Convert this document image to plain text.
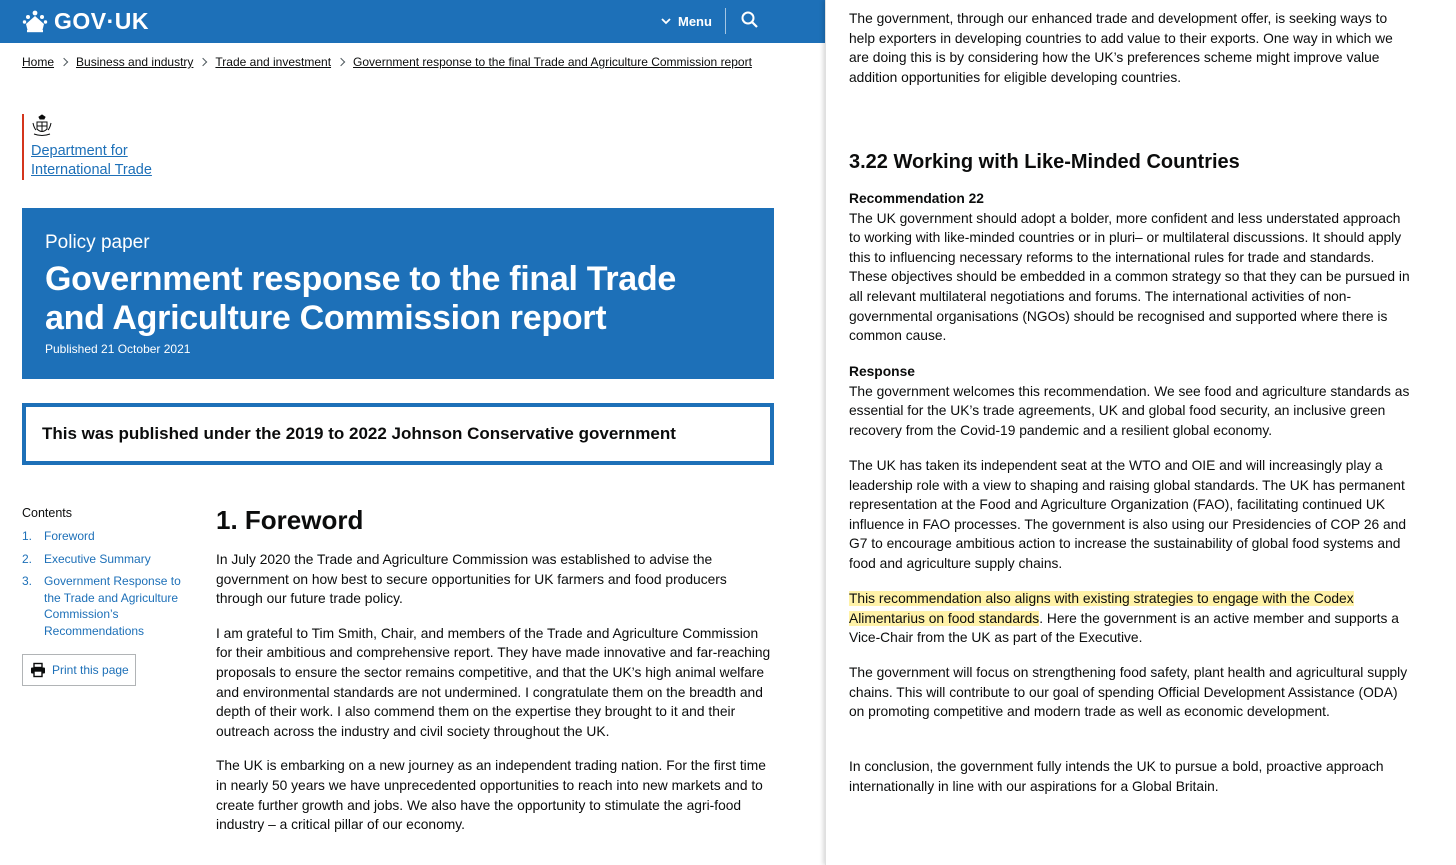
GOV·UK	Menu
Home Business and industry Trade and investment Government response to the final Trade and Agriculture Commission report
Department for
International Trade
Policy paper
Government response to the final Trade
and Agriculture Commission report
Published 21 October 2021
This was published under the 2019 to 2022 Johnson Conservative government
Contents
1. Foreword
2. Executive Summary
3. Government Response to the Trade and Agriculture Commission’s Recommendations
Print this page
1. Foreword

In July 2020 the Trade and Agriculture Commission was established to advise the government on how best to secure opportunities for UK farmers and food producers through our future trade policy.

I am grateful to Tim Smith, Chair, and members of the Trade and Agriculture Commission for their ambitious and comprehensive report. They have made innovative and far-reaching proposals to ensure the sector remains competitive, and that the UK’s high animal welfare and environmental standards are not undermined. I congratulate them on the breadth and depth of their work. I also commend them on the expertise they brought to it and their outreach across the industry and civil society throughout the UK.

The UK is embarking on a new journey as an independent trading nation. For the first time in nearly 50 years we have unprecedented opportunities to reach into new markets and to create further growth and jobs. We also have the opportunity to stimulate the agri-food industry – a critical pillar of our economy.

The government, through our enhanced trade and development offer, is seeking ways to help exporters in developing countries to add value to their exports. One way in which we are doing this is by considering how the UK’s preferences scheme might improve value addition opportunities for eligible developing countries.

3.22 Working with Like-Minded Countries
Recommendation 22
The UK government should adopt a bolder, more confident and less understated approach to working with like-minded countries or in pluri– or multilateral discussions. It should apply this to influencing necessary reforms to the international rules for trade and standards. These objectives should be embedded in a common strategy so that they can be pursued in all relevant multilateral negotiations and forums. The international activities of non-governmental organisations (NGOs) should be recognised and supported where there is common cause.
Response
The government welcomes this recommendation. We see food and agriculture standards as essential for the UK’s trade agreements, UK and global food security, an inclusive green recovery from the Covid-19 pandemic and a resilient global economy.

The UK has taken its independent seat at the WTO and OIE and will increasingly play a leadership role with a view to shaping and raising global standards. The UK has permanent representation at the Food and Agriculture Organization (FAO), facilitating continued UK influence in FAO processes. The government is also using our Presidencies of COP 26 and G7 to encourage ambitious action to increase the sustainability of global food systems and food and agriculture supply chains.

This recommendation also aligns with existing strategies to engage with the Codex Alimentarius on food standards. Here the government is an active member and supports a Vice-Chair from the UK as part of the Executive.

The government will focus on strengthening food safety, plant health and agricultural supply chains. This will contribute to our goal of spending Official Development Assistance (ODA) on promoting competitive and modern trade as well as economic development.

In conclusion, the government fully intends the UK to pursue a bold, proactive approach internationally in line with our aspirations for a Global Britain.
